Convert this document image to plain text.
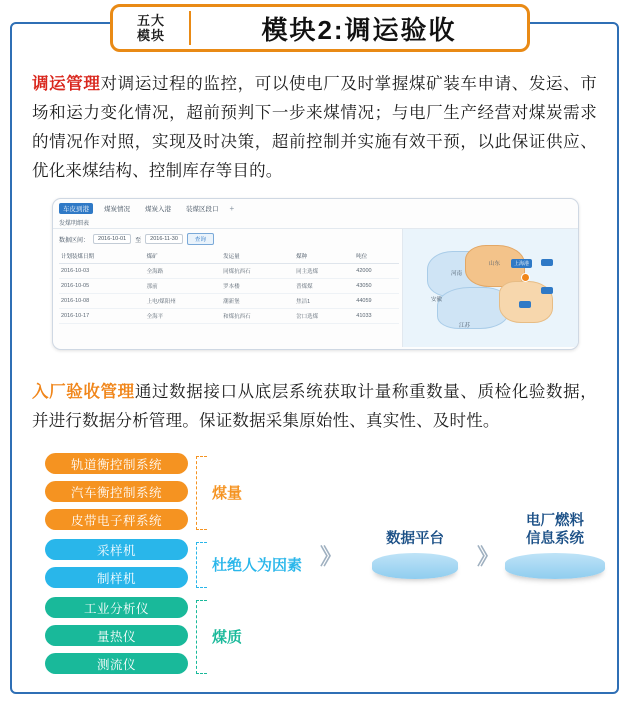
五大
模块	模块2:调运验收
调运管理对调运过程的监控，可以使电厂及时掌握煤矿装车申请、发运、市场和运力变化情况，超前预判下一步来煤情况；与电厂生产经营对煤炭需求的情况作对照，实现及时决策，超前控制并实施有效干预，以此保证供应、优化来煤结构、控制库存等目的。
车皮到港	煤炭情况	煤炭入港	装煤区段口	+
发煤明细表
数据区间：	2016-10-01	至	2016-11-30	查询
计划装煤日期	煤矿	发运量	煤种	吨位
2016-10-03	全海路	同煤抗西石	同主选煤	42000
2016-10-05	那前	罗本楼	普煤煤	43050
2016-10-08	上电/煤阳州	潮新堡	焦洁1	44059
2016-10-17	全海平	和煤抗西石	岔口选煤	41033
河南
山东
江苏
安徽
上海港
入厂验收管理通过数据接口从底层系统获取计量称重数量、质检化验数据，并进行数据分析管理。保证数据采集原始性、真实性、及时性。
轨道衡控制系统
汽车衡控制系统
皮带电子秤系统
煤量
采样机
制样机
杜绝人为因素
工业分析仪
量热仪
测流仪
煤质
》
数据平台
》
电厂燃料
信息系统
